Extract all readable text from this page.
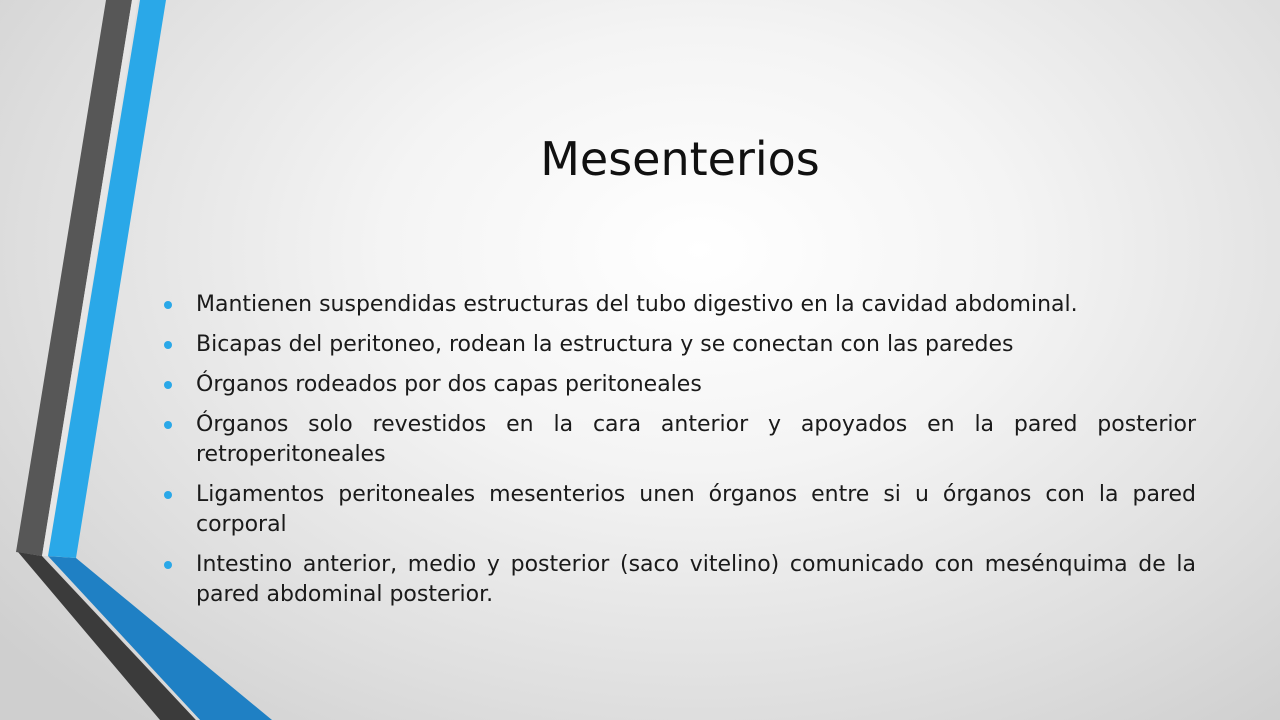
Mesenterios
Mantienen suspendidas estructuras del tubo digestivo en la cavidad abdominal.
Bicapas del peritoneo, rodean la estructura y se conectan con las paredes
Órganos rodeados por dos capas peritoneales
Órganos solo revestidos en la cara anterior y apoyados en la pared posterior retroperitoneales
Ligamentos peritoneales mesenterios unen órganos entre si u órganos con la pared corporal
Intestino anterior, medio y posterior (saco vitelino) comunicado con mesénquima de la pared abdominal posterior.
